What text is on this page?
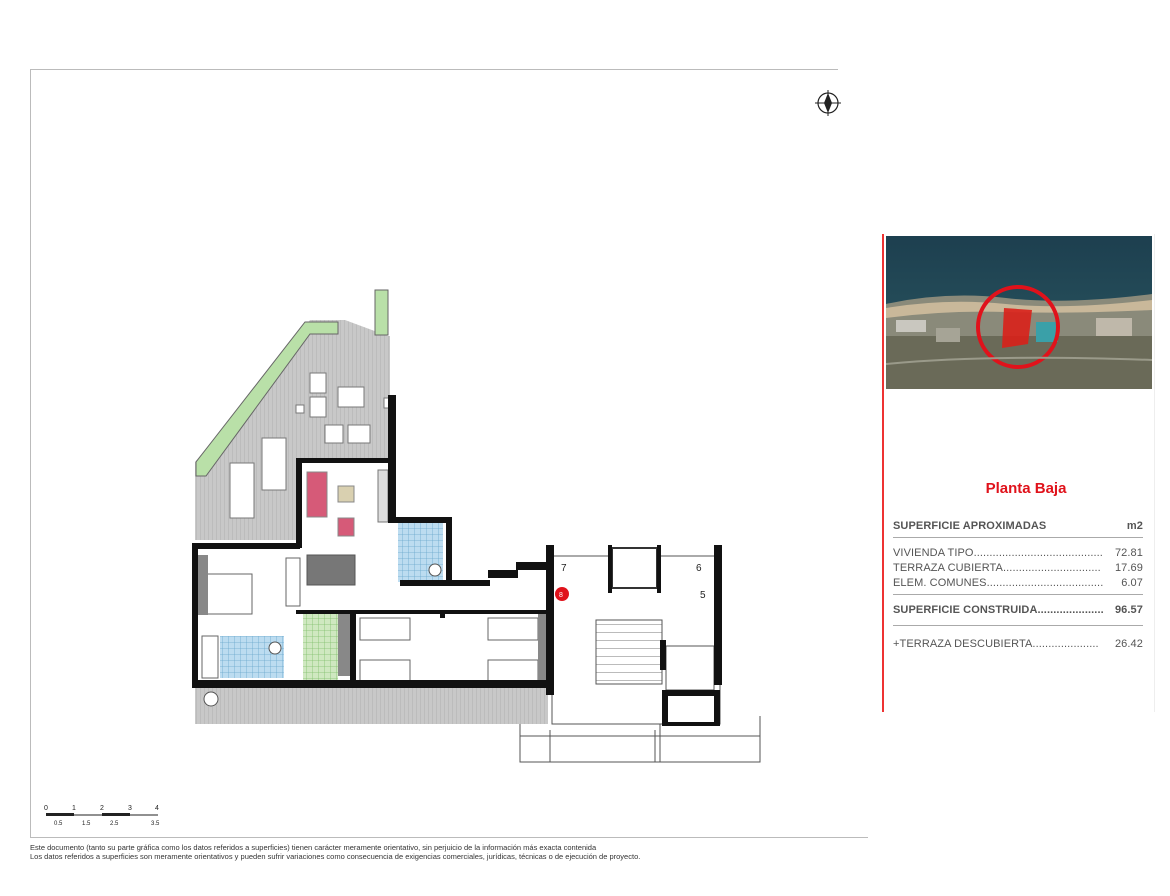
7	6
5
8
0	1	2	3	4
0.5	1.5	2.5	3.5
Este documento (tanto su parte gráfica como los datos referidos a superficies) tienen carácter meramente orientativo, sin perjuicio de la información más exacta contenida
Los datos referidos a superficies son meramente orientativos y pueden sufrir variaciones como consecuencia de exigencias comerciales, jurídicas, técnicas o de ejecución de proyecto.
Planta Baja
SUPERFICIE APROXIMADAS	m2
VIVIENDA TIPO......................................... 72.81
TERRAZA CUBIERTA............................... 17.69
ELEM. COMUNES..................................... 6.07
SUPERFICIE CONSTRUIDA..................... 96.57
+TERRAZA DESCUBIERTA..................... 26.42
